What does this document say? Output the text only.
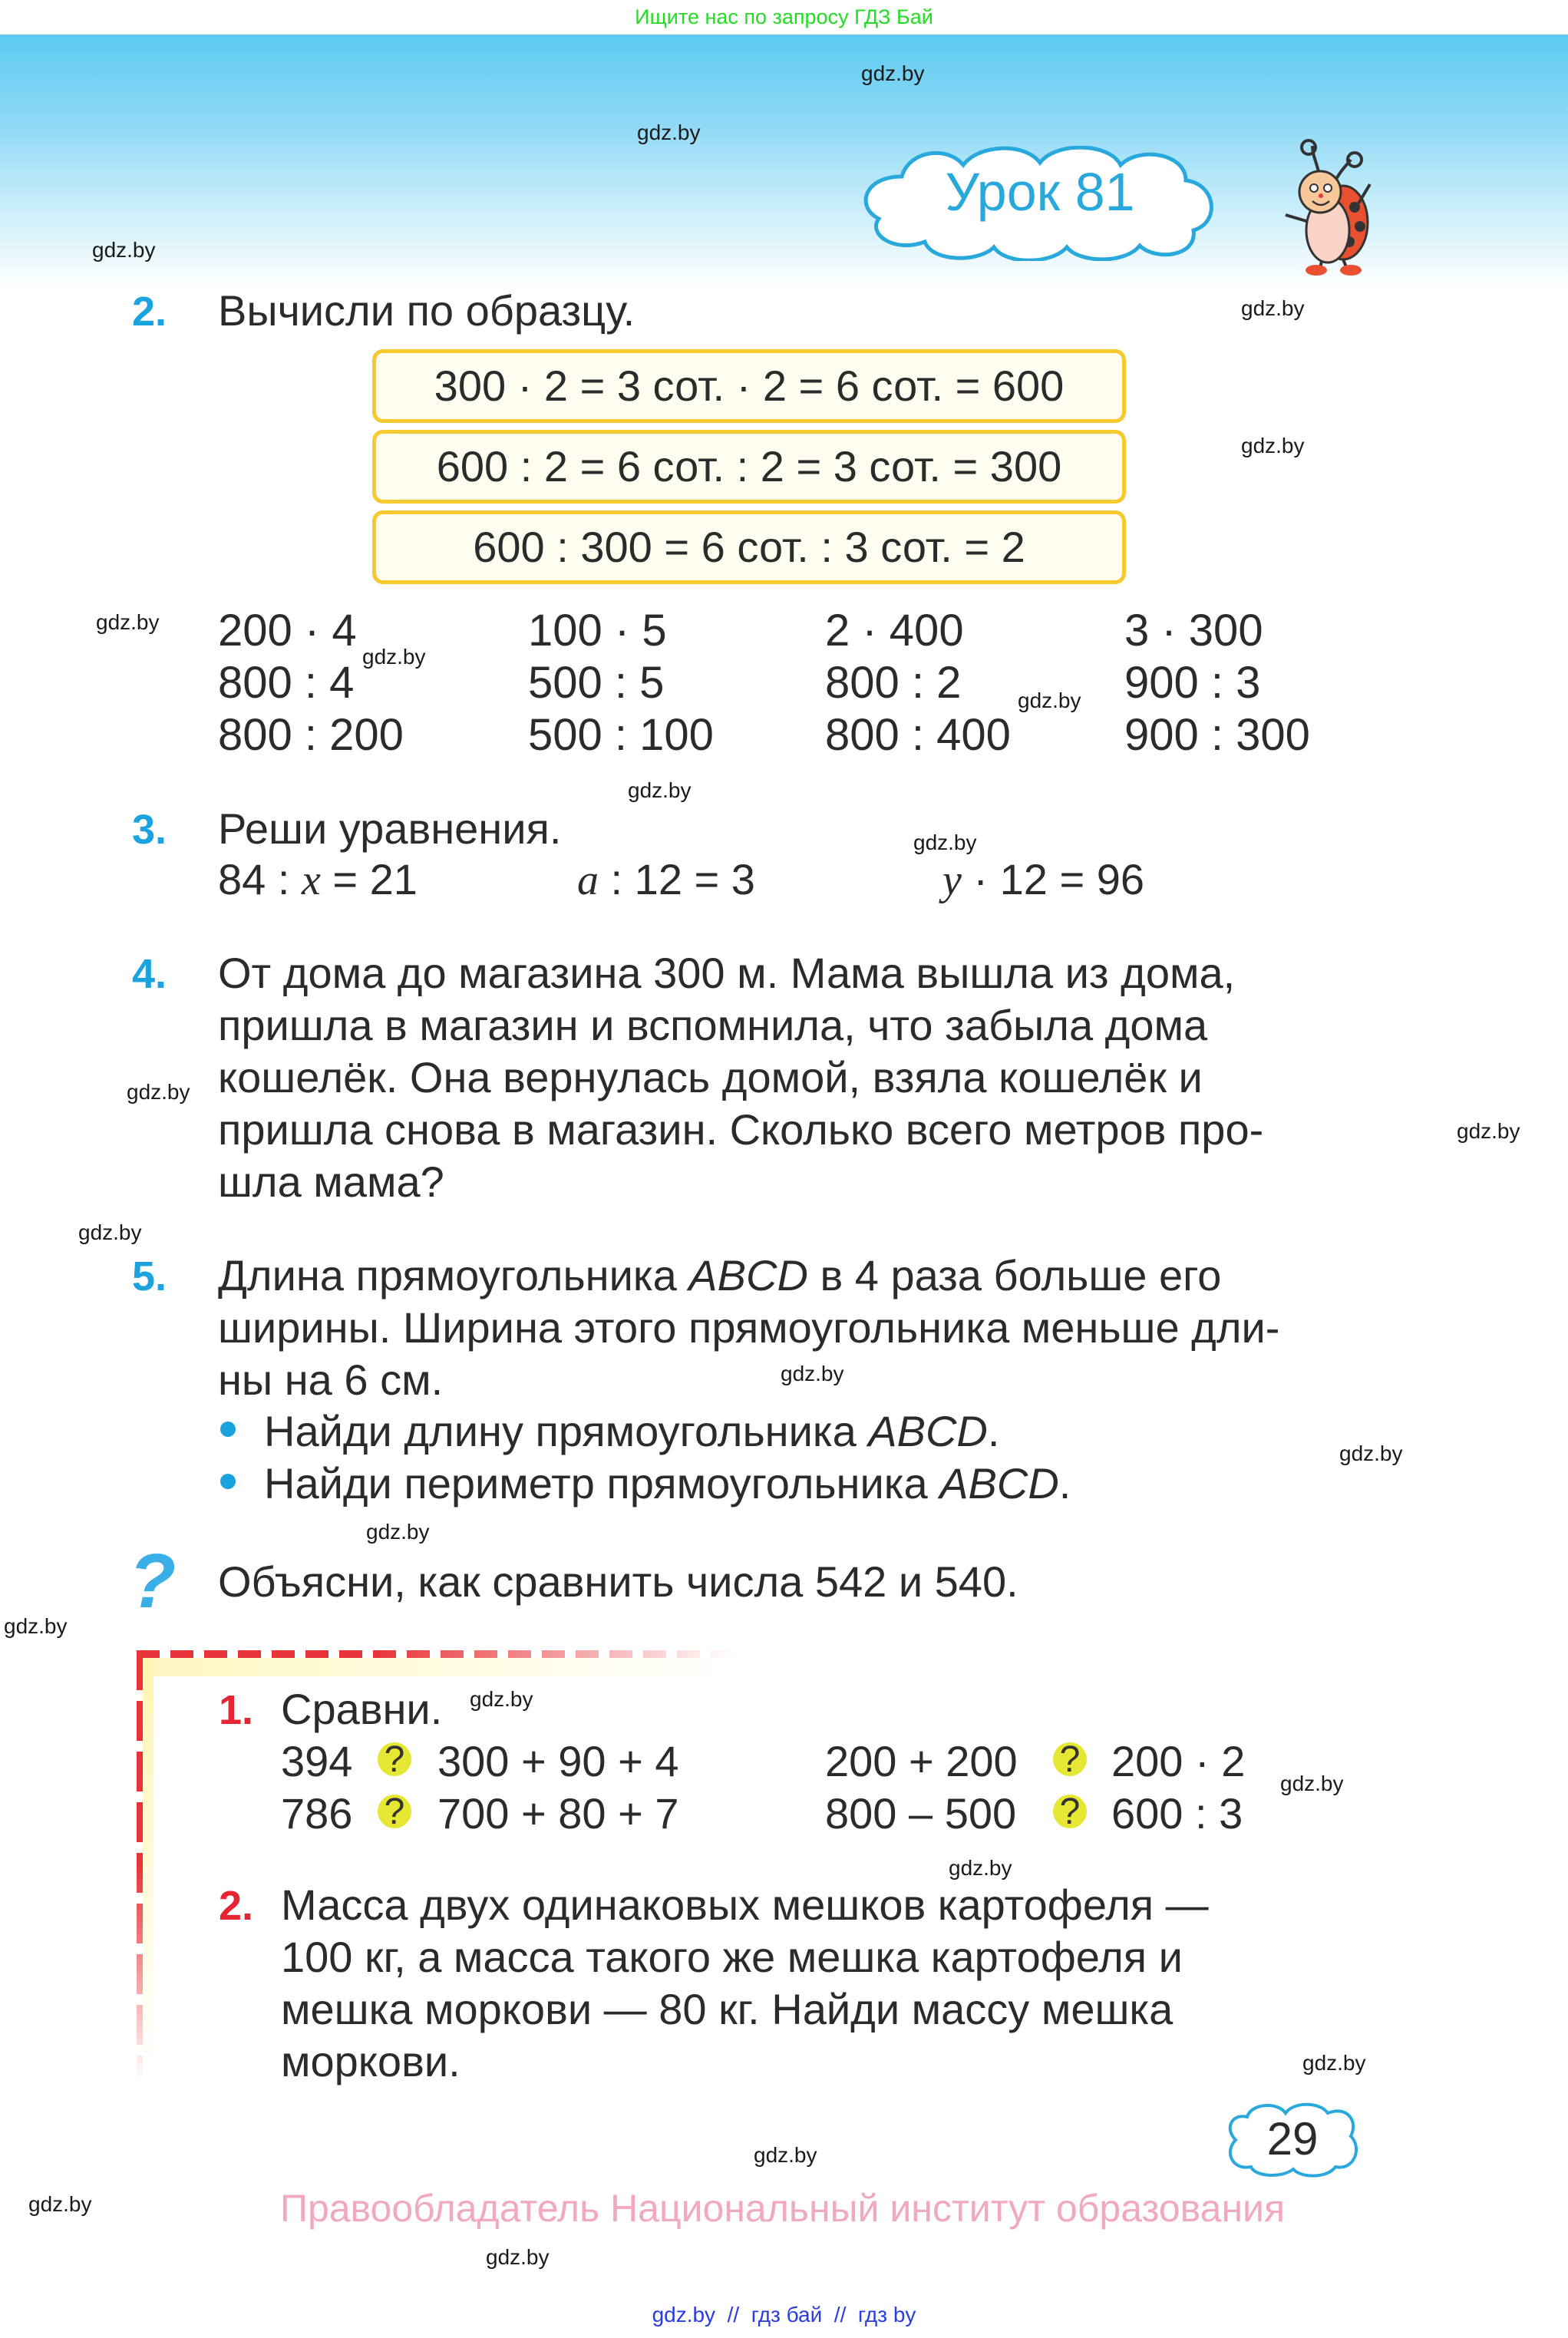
Ищите нас по запросу ГДЗ Бай
gdz.by
gdz.by
gdz.by
gdz.by
gdz.by
gdz.by
gdz.by
gdz.by
gdz.by
gdz.by
gdz.by
gdz.by
gdz.by
gdz.by
gdz.by
gdz.by
gdz.by
gdz.by
gdz.by
gdz.by
gdz.by
gdz.by
gdz.by
gdz.by
Урок 81
2. Вычисли по образцу.
300 · 2 = 3 сот. · 2 = 6 сот. = 600
600 : 2 = 6 сот. : 2 = 3 сот. = 300
600 : 300 = 6 сот. : 3 сот. = 2
200 · 4	100 · 5	2 · 400	3 · 300
800 : 4	500 : 5	800 : 2	900 : 3
800 : 200	500 : 100	800 : 400	900 : 300
3. Реши уравнения.
84 : x = 21	a : 12 = 3	y · 12 = 96
4. От дома до магазина 300 м. Мама вышла из дома,
пришла в магазин и вспомнила, что забыла дома
кошелёк. Она вернулась домой, взяла кошелёк и
пришла снова в магазин. Сколько всего метров про-
шла мама?
5. Длина прямоугольника ABCD в 4 раза больше его
ширины. Ширина этого прямоугольника меньше дли-
ны на 6 см.
Найди длину прямоугольника ABCD.
Найди периметр прямоугольника ABCD.
? Объясни, как сравнить числа 542 и 540.
1. Сравни.
394 ? 300 + 90 + 4	200 + 200 ? 200 · 2
786 ? 700 + 80 + 7	800 – 500 ? 600 : 3
2. Масса двух одинаковых мешков картофеля —
100 кг, а масса такого же мешка картофеля и
мешка моркови — 80 кг. Найди массу мешка
моркови.
29
Правообладатель Национальный институт образования
gdz.by  //  гдз бай  //  гдз by
